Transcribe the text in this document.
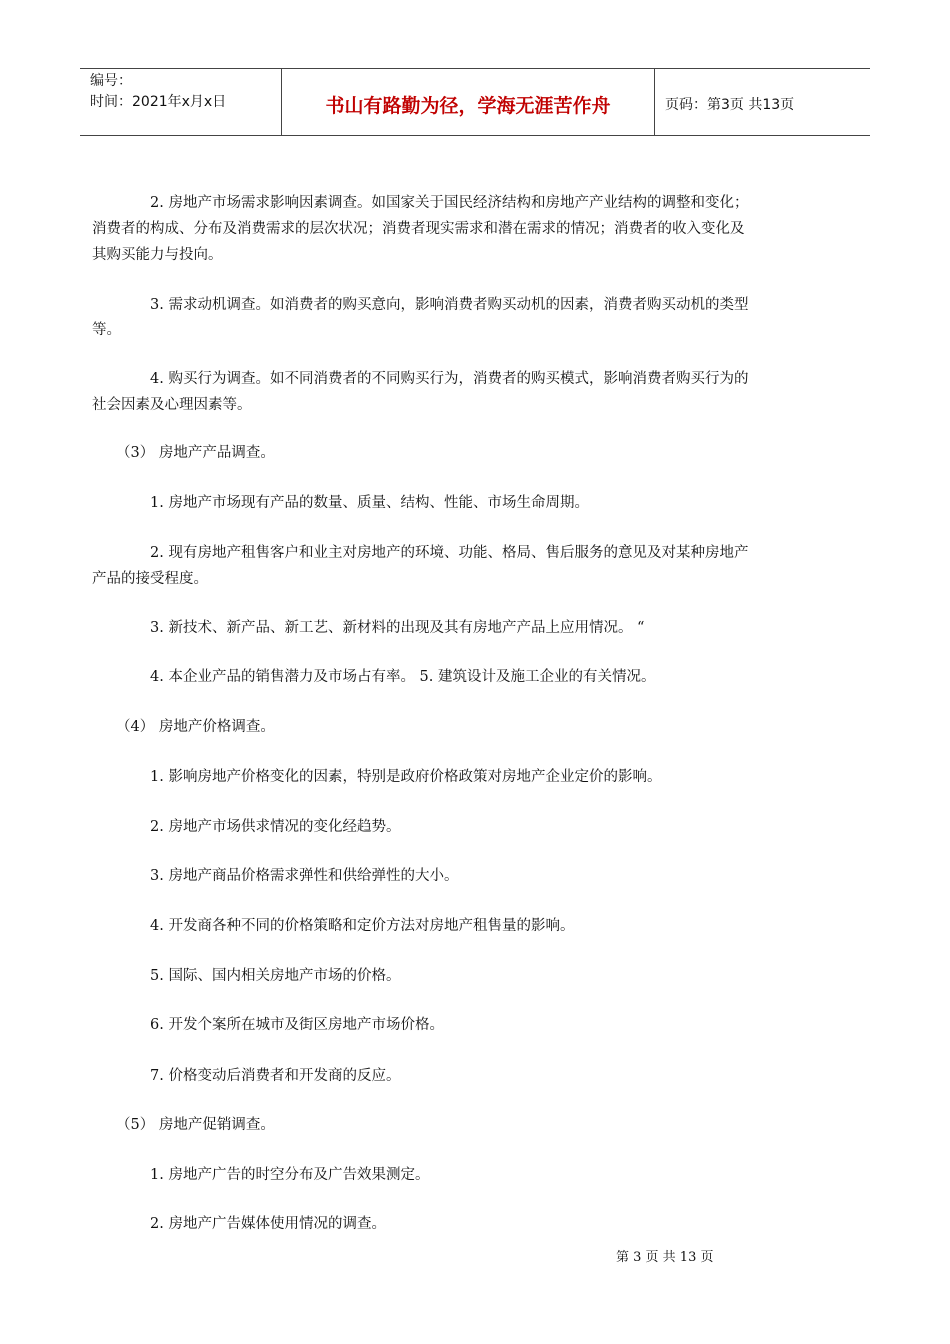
编号：
时间：2021年x月x日	书山有路勤为径，学海无涯苦作舟	页码：第3页 共13页
2. 房地产市场需求影响因素调查。如国家关于国民经济结构和房地产产业结构的调整和变化；
消费者的构成、分布及消费需求的层次状况；消费者现实需求和潜在需求的情况；消费者的收入变化及
其购买能力与投向。
3. 需求动机调查。如消费者的购买意向，影响消费者购买动机的因素，消费者购买动机的类型
等。
4. 购买行为调查。如不同消费者的不同购买行为，消费者的购买模式，影响消费者购买行为的
社会因素及心理因素等。
（3） 房地产产品调查。
1. 房地产市场现有产品的数量、质量、结构、性能、市场生命周期。
2. 现有房地产租售客户和业主对房地产的环境、功能、格局、售后服务的意见及对某种房地产
产品的接受程度。
3. 新技术、新产品、新工艺、新材料的出现及其有房地产产品上应用情况。 “
4. 本企业产品的销售潜力及市场占有率。 5. 建筑设计及施工企业的有关情况。
（4） 房地产价格调查。
1. 影响房地产价格变化的因素，特别是政府价格政策对房地产企业定价的影响。
2. 房地产市场供求情况的变化经趋势。
3. 房地产商品价格需求弹性和供给弹性的大小。
4. 开发商各种不同的价格策略和定价方法对房地产租售量的影响。
5. 国际、国内相关房地产市场的价格。
6. 开发个案所在城市及街区房地产市场价格。
7. 价格变动后消费者和开发商的反应。
（5） 房地产促销调查。
1. 房地产广告的时空分布及广告效果测定。
2. 房地产广告媒体使用情况的调查。
第 3 页 共 13 页
